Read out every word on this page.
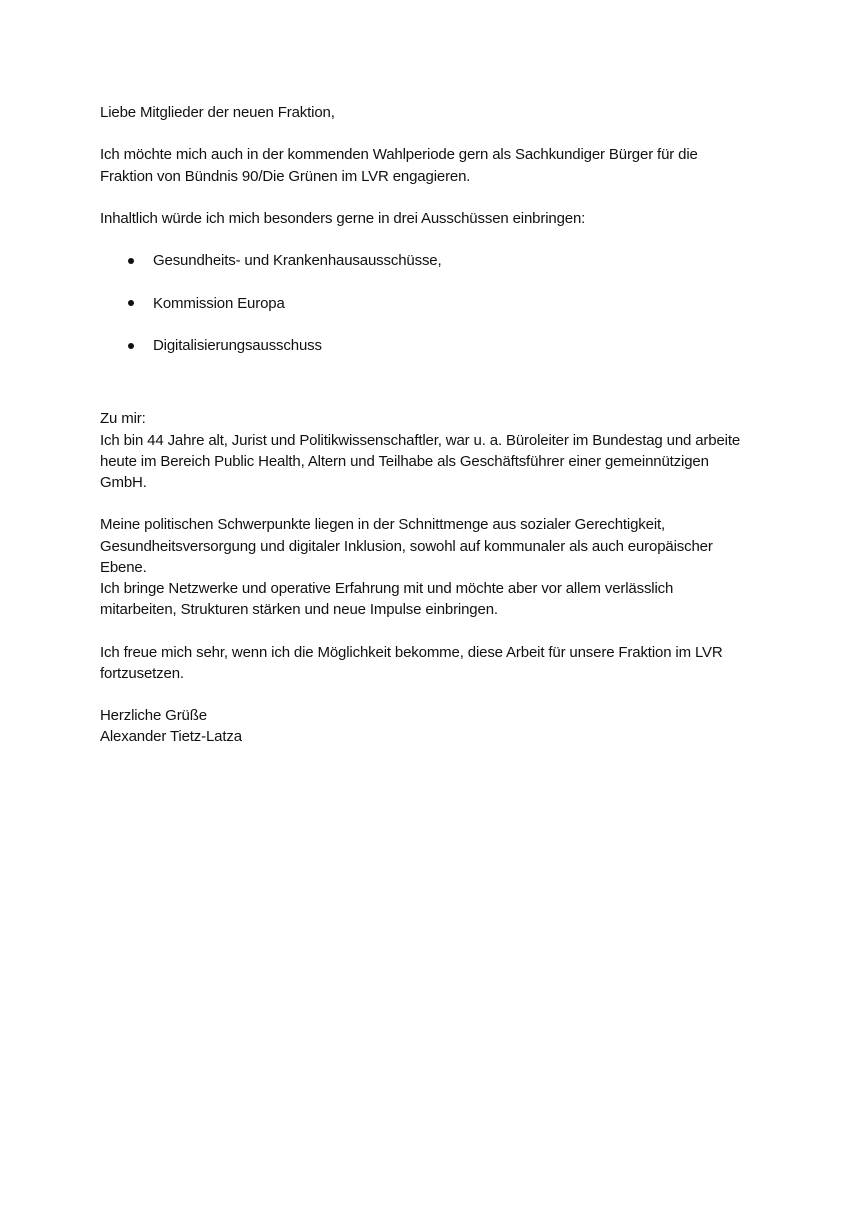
Liebe Mitglieder der neuen Fraktion,

Ich möchte mich auch in der kommenden Wahlperiode gern als Sachkundiger Bürger für die

Fraktion von Bündnis 90/Die Grünen im LVR engagieren.

Inhaltlich würde ich mich besonders gerne in drei Ausschüssen einbringen:

Gesundheits- und Krankenhausausschüsse,
Kommission Europa
Digitalisierungsausschuss

Zu mir:

Ich bin 44 Jahre alt, Jurist und Politikwissenschaftler, war u. a. Büroleiter im Bundestag und arbeite

heute im Bereich Public Health, Altern und Teilhabe als Geschäftsführer einer gemeinnützigen

GmbH.

Meine politischen Schwerpunkte liegen in der Schnittmenge aus sozialer Gerechtigkeit,

Gesundheitsversorgung und digitaler Inklusion, sowohl auf kommunaler als auch europäischer

Ebene.

Ich bringe Netzwerke und operative Erfahrung mit und möchte aber vor allem verlässlich

mitarbeiten, Strukturen stärken und neue Impulse einbringen.

Ich freue mich sehr, wenn ich die Möglichkeit bekomme, diese Arbeit für unsere Fraktion im LVR

fortzusetzen.

Herzliche Grüße

Alexander Tietz-Latza
